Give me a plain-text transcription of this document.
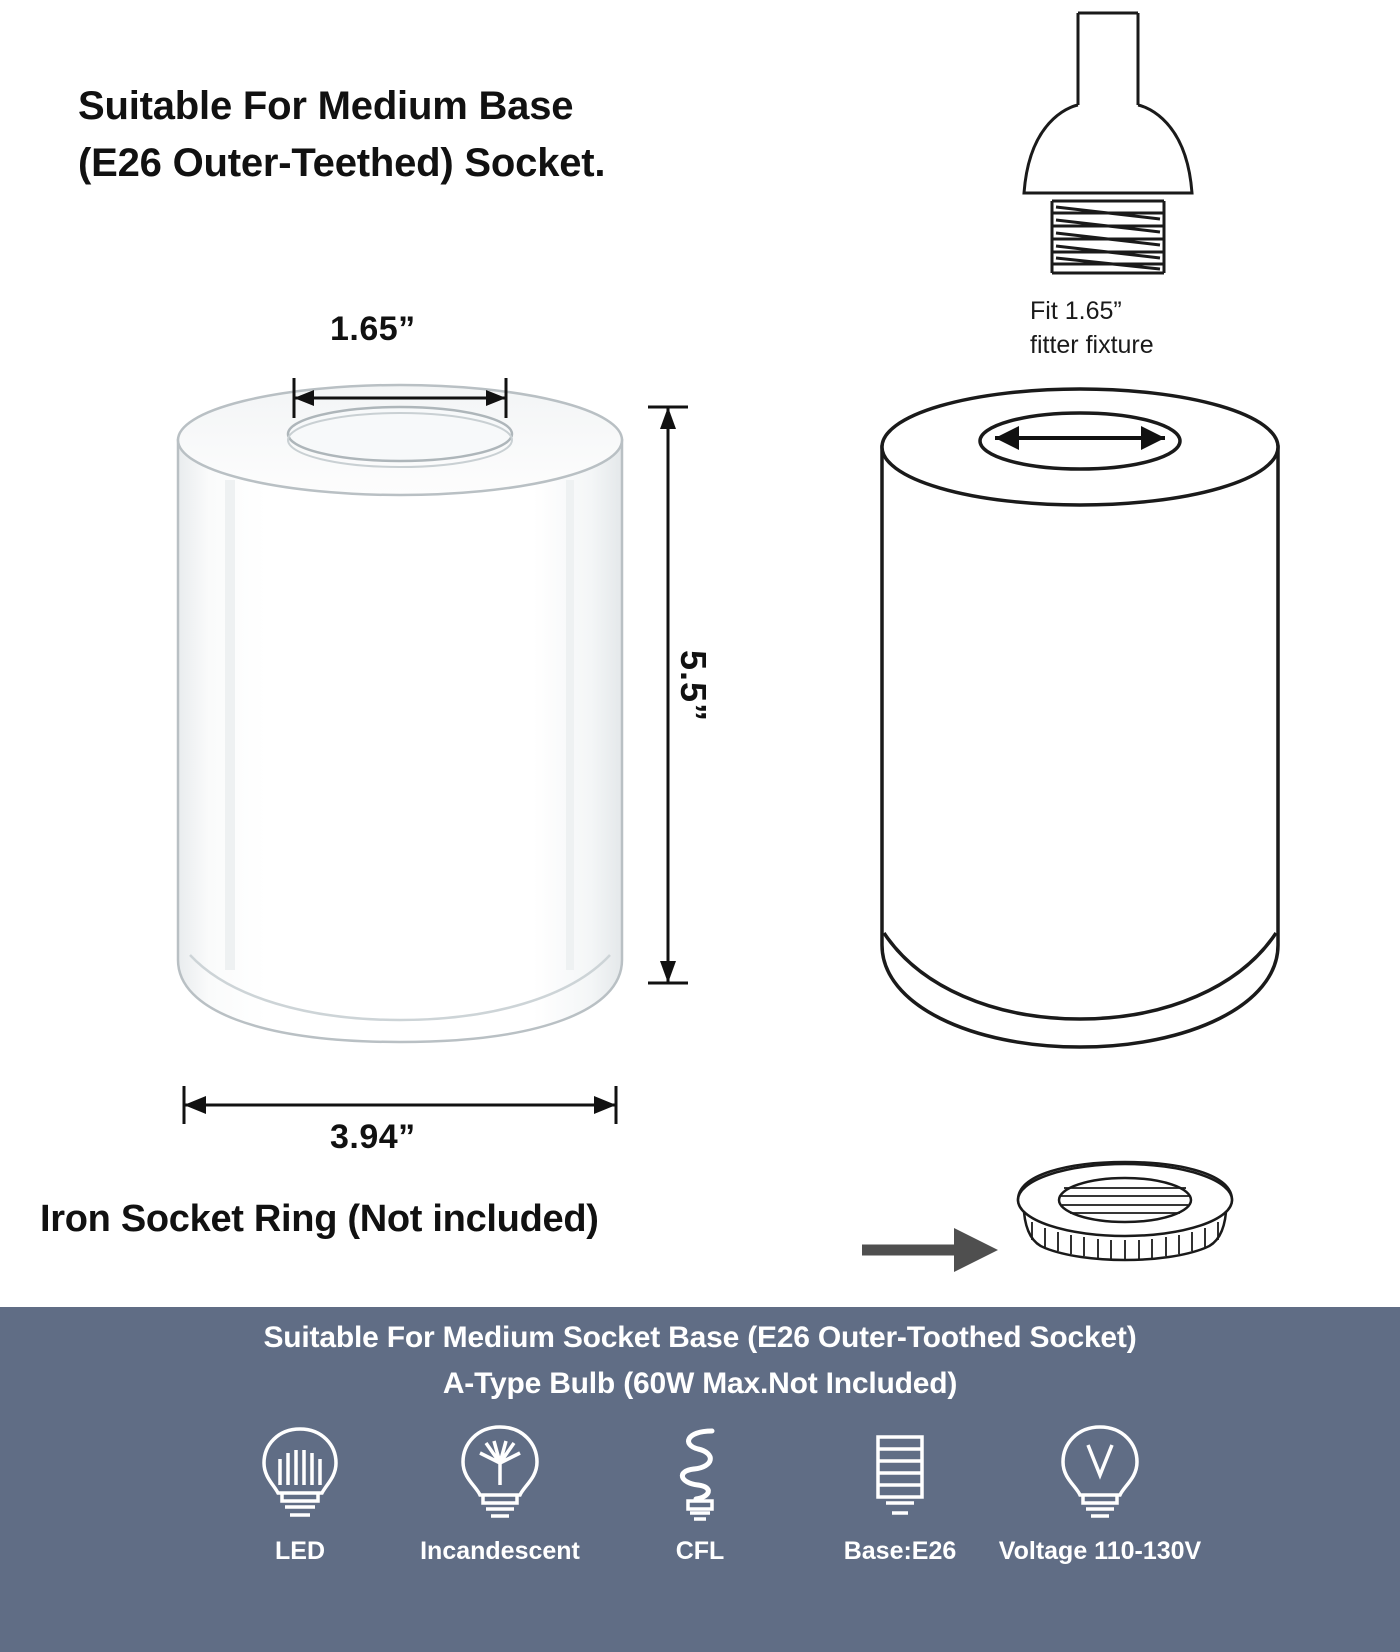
Suitable For Medium Base
(E26 Outer-Teethed) Socket.
Fit 1.65”
fitter fixture
1.65”
5.5”
3.94”
Iron Socket Ring (Not included)
Suitable For Medium Socket Base (E26 Outer-Toothed Socket)
A-Type Bulb (60W Max.Not Included)
LED	Incandescent	CFL	Base:E26 Voltage 110-130V
